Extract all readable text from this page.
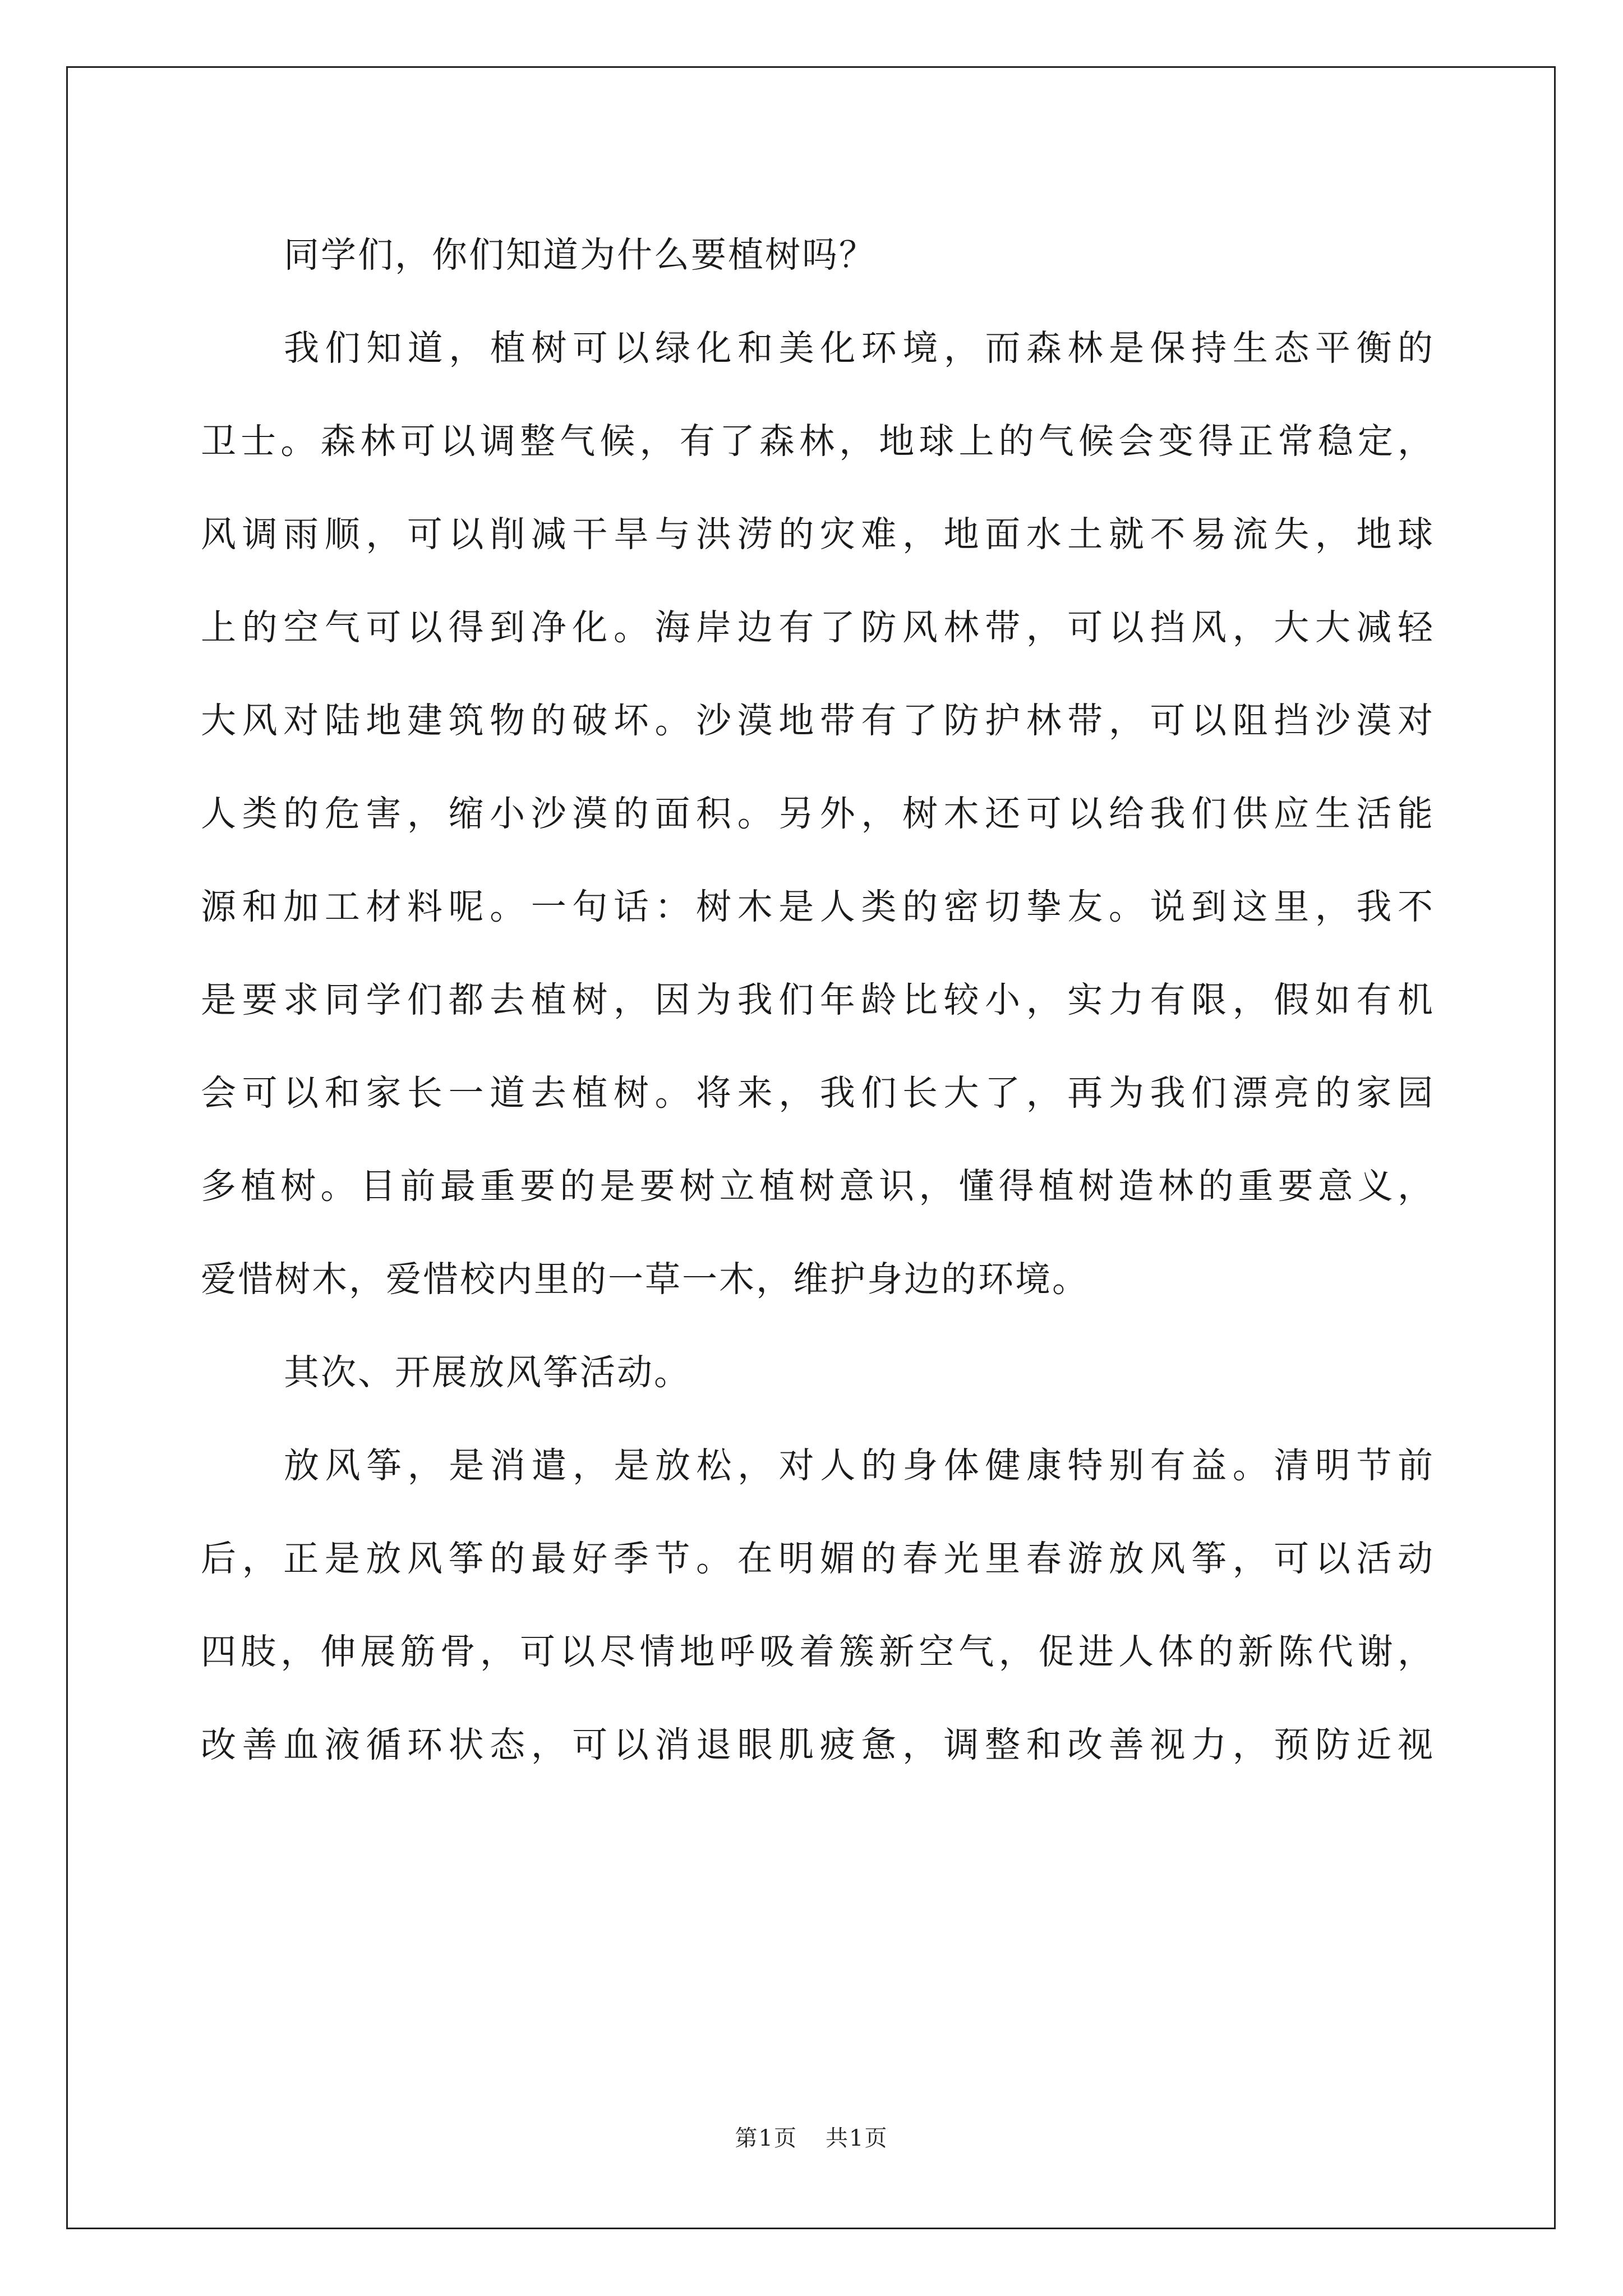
同学们，你们知道为什么要植树吗？

我们知道，植树可以绿化和美化环境，而森林是保持生态平衡的
卫士。森林可以调整气候，有了森林，地球上的气候会变得正常稳定，
风调雨顺，可以削减干旱与洪涝的灾难，地面水土就不易流失，地球
上的空气可以得到净化。海岸边有了防风林带，可以挡风，大大减轻
大风对陆地建筑物的破坏。沙漠地带有了防护林带，可以阻挡沙漠对
人类的危害，缩小沙漠的面积。另外，树木还可以给我们供应生活能
源和加工材料呢。一句话：树木是人类的密切挚友。说到这里，我不
是要求同学们都去植树，因为我们年龄比较小，实力有限，假如有机
会可以和家长一道去植树。将来，我们长大了，再为我们漂亮的家园
多植树。目前最重要的是要树立植树意识，懂得植树造林的重要意义，
爱惜树木，爱惜校内里的一草一木，维护身边的环境。

其次、开展放风筝活动。

放风筝，是消遣，是放松，对人的身体健康特别有益。清明节前
后，正是放风筝的最好季节。在明媚的春光里春游放风筝，可以活动
四肢，伸展筋骨，可以尽情地呼吸着簇新空气，促进人体的新陈代谢，
改善血液循环状态，可以消退眼肌疲惫，调整和改善视力，预防近视

第1页 共1页
